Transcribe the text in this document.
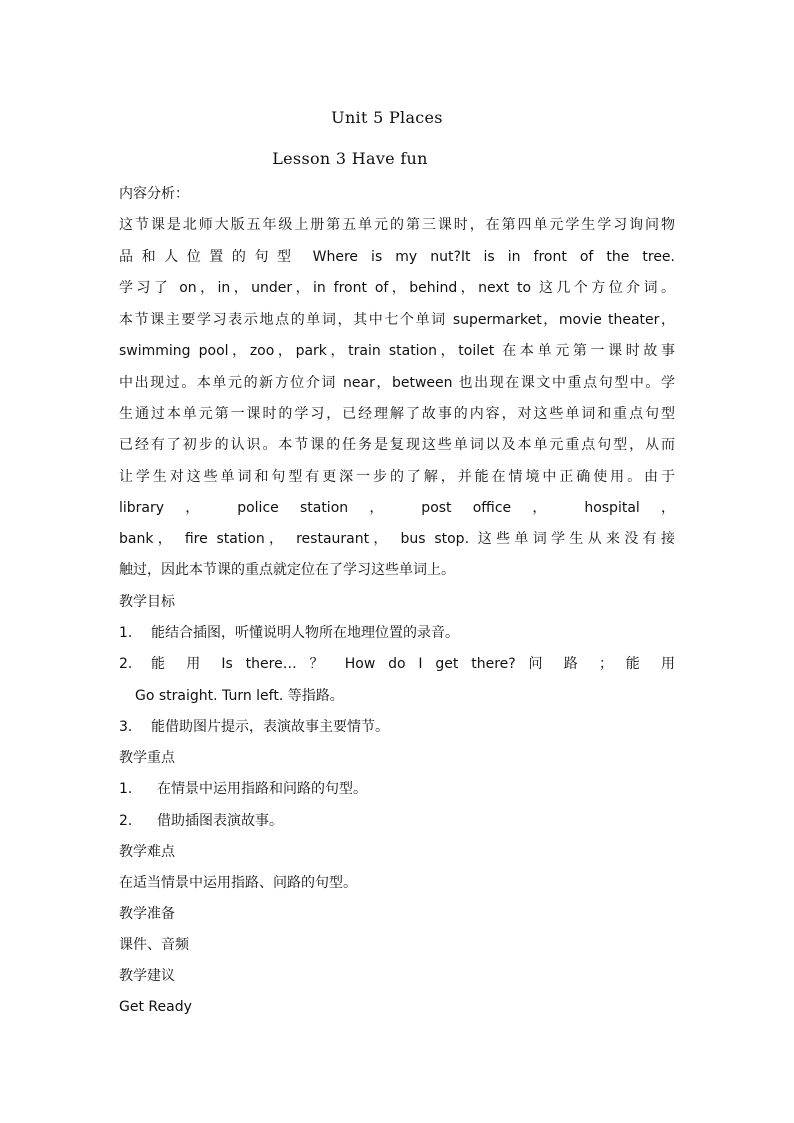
Unit 5 Places
Lesson 3 Have fun
内容分析：
这节课是北师大版五年级上册第五单元的第三课时，在第四单元学生学习询问物
品和人位置的句型 Where is my nut?It is in front of the tree.
学习了 on，in，under，in front of，behind，next to 这几个方位介词。
本节课主要学习表示地点的单词，其中七个单词 supermarket，movie theater，
swimming pool，zoo，park，train station，toilet 在本单元第一课时故事
中出现过。本单元的新方位介词 near，between 也出现在课文中重点句型中。学
生通过本单元第一课时的学习，已经理解了故事的内容，对这些单词和重点句型
已经有了初步的认识。本节课的任务是复现这些单词以及本单元重点句型，从而
让学生对这些单词和句型有更深一步的了解，并能在情境中正确使用。由于
library ， police station ， post office ， hospital ，
bank， fire station， restaurant， bus stop. 这些单词学生从来没有接
触过，因此本节课的重点就定位在了学习这些单词上。
教学目标
1. 能结合插图，听懂说明人物所在地理位置的录音。
2. 能 用 Is there… ？ How do I get there? 问 路 ； 能 用
Go straight. Turn left. 等指路。
3. 能借助图片提示，表演故事主要情节。
教学重点
1. 在情景中运用指路和问路的句型。
2. 借助插图表演故事。
教学难点
在适当情景中运用指路、问路的句型。
教学准备
课件、音频
教学建议
Get Ready
